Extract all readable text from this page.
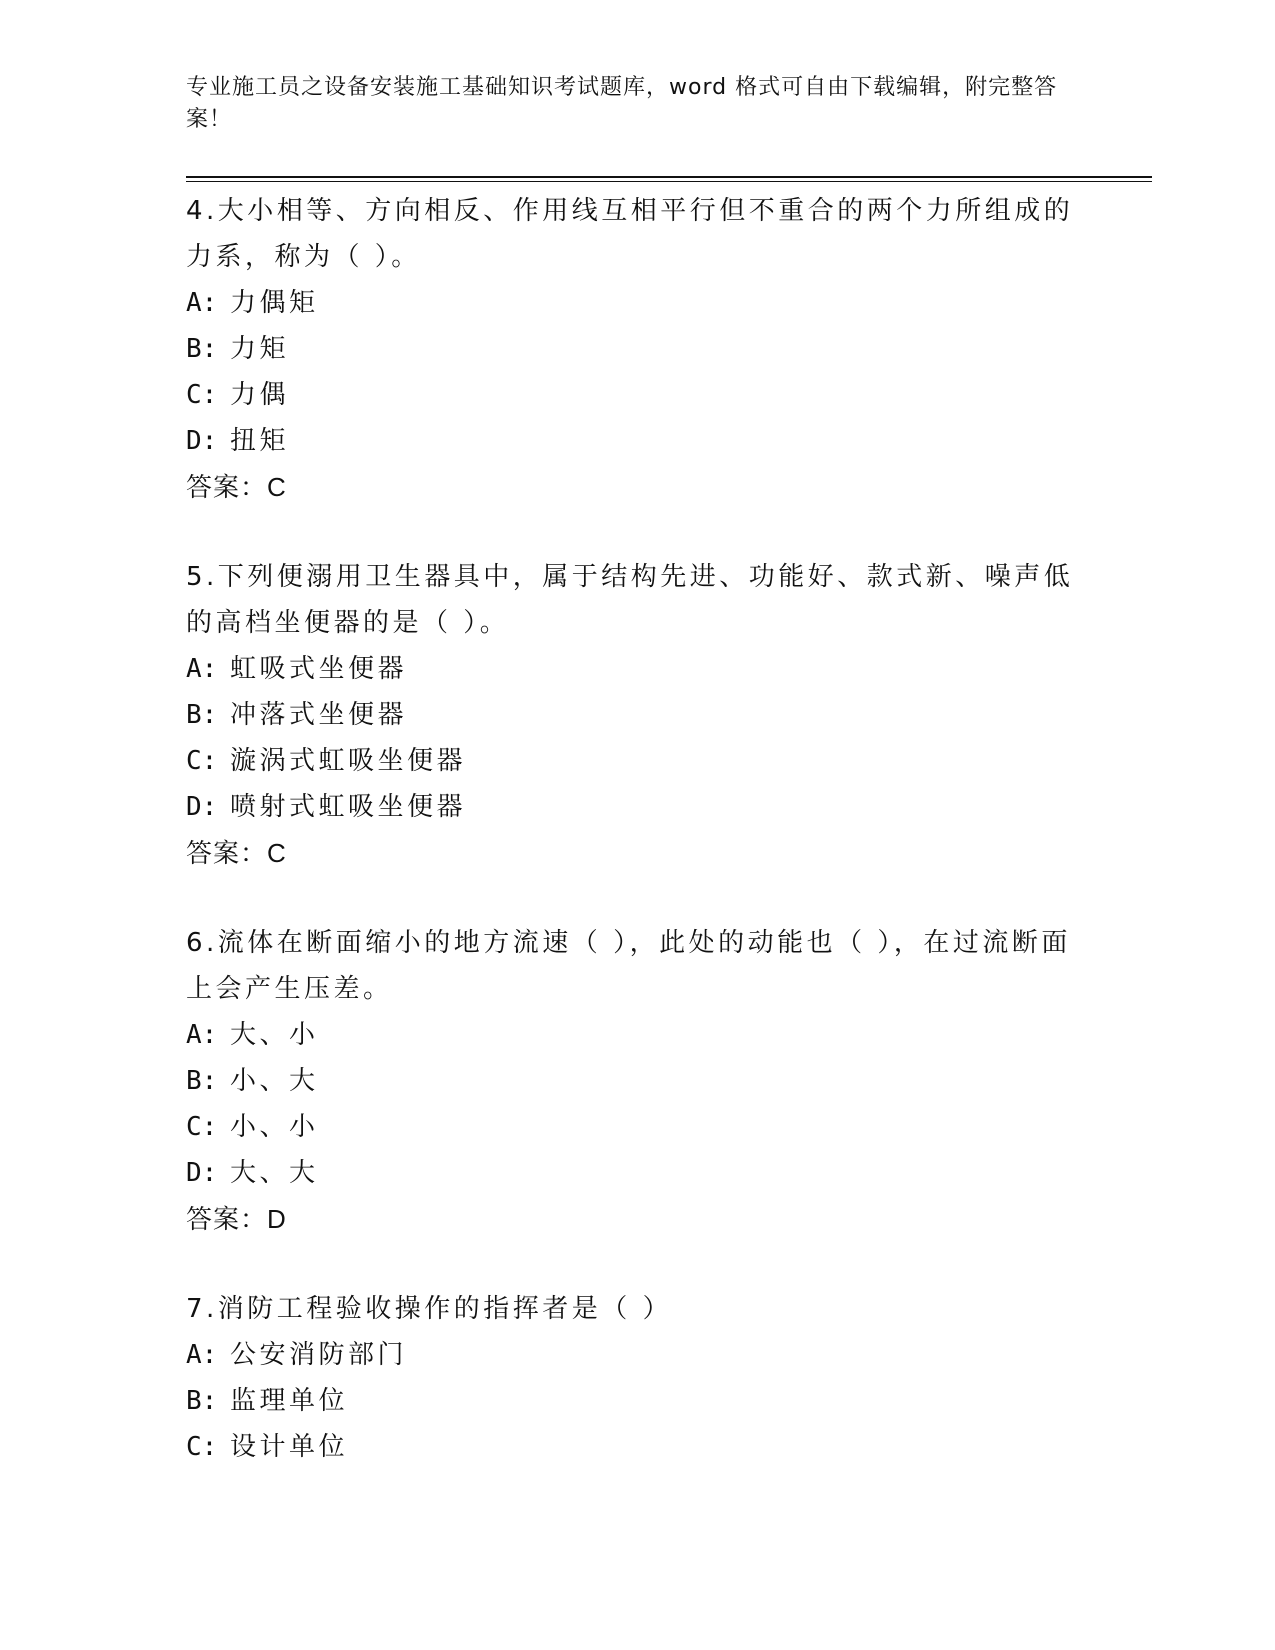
专业施工员之设备安装施工基础知识考试题库，word 格式可自由下载编辑，附完整答案！

4.大小相等、方向相反、作用线互相平行但不重合的两个力所组成的力系，称为（ ）。

A: 力偶矩

B: 力矩

C: 力偶

D: 扭矩

答案：C

5.下列便溺用卫生器具中，属于结构先进、功能好、款式新、噪声低的高档坐便器的是（ ）。

A: 虹吸式坐便器

B: 冲落式坐便器

C: 漩涡式虹吸坐便器

D: 喷射式虹吸坐便器

答案：C

6.流体在断面缩小的地方流速（ ），此处的动能也（ ），在过流断面上会产生压差。

A: 大、小

B: 小、大

C: 小、小

D: 大、大

答案：D

7.消防工程验收操作的指挥者是（ ）

A: 公安消防部门

B: 监理单位

C: 设计单位
